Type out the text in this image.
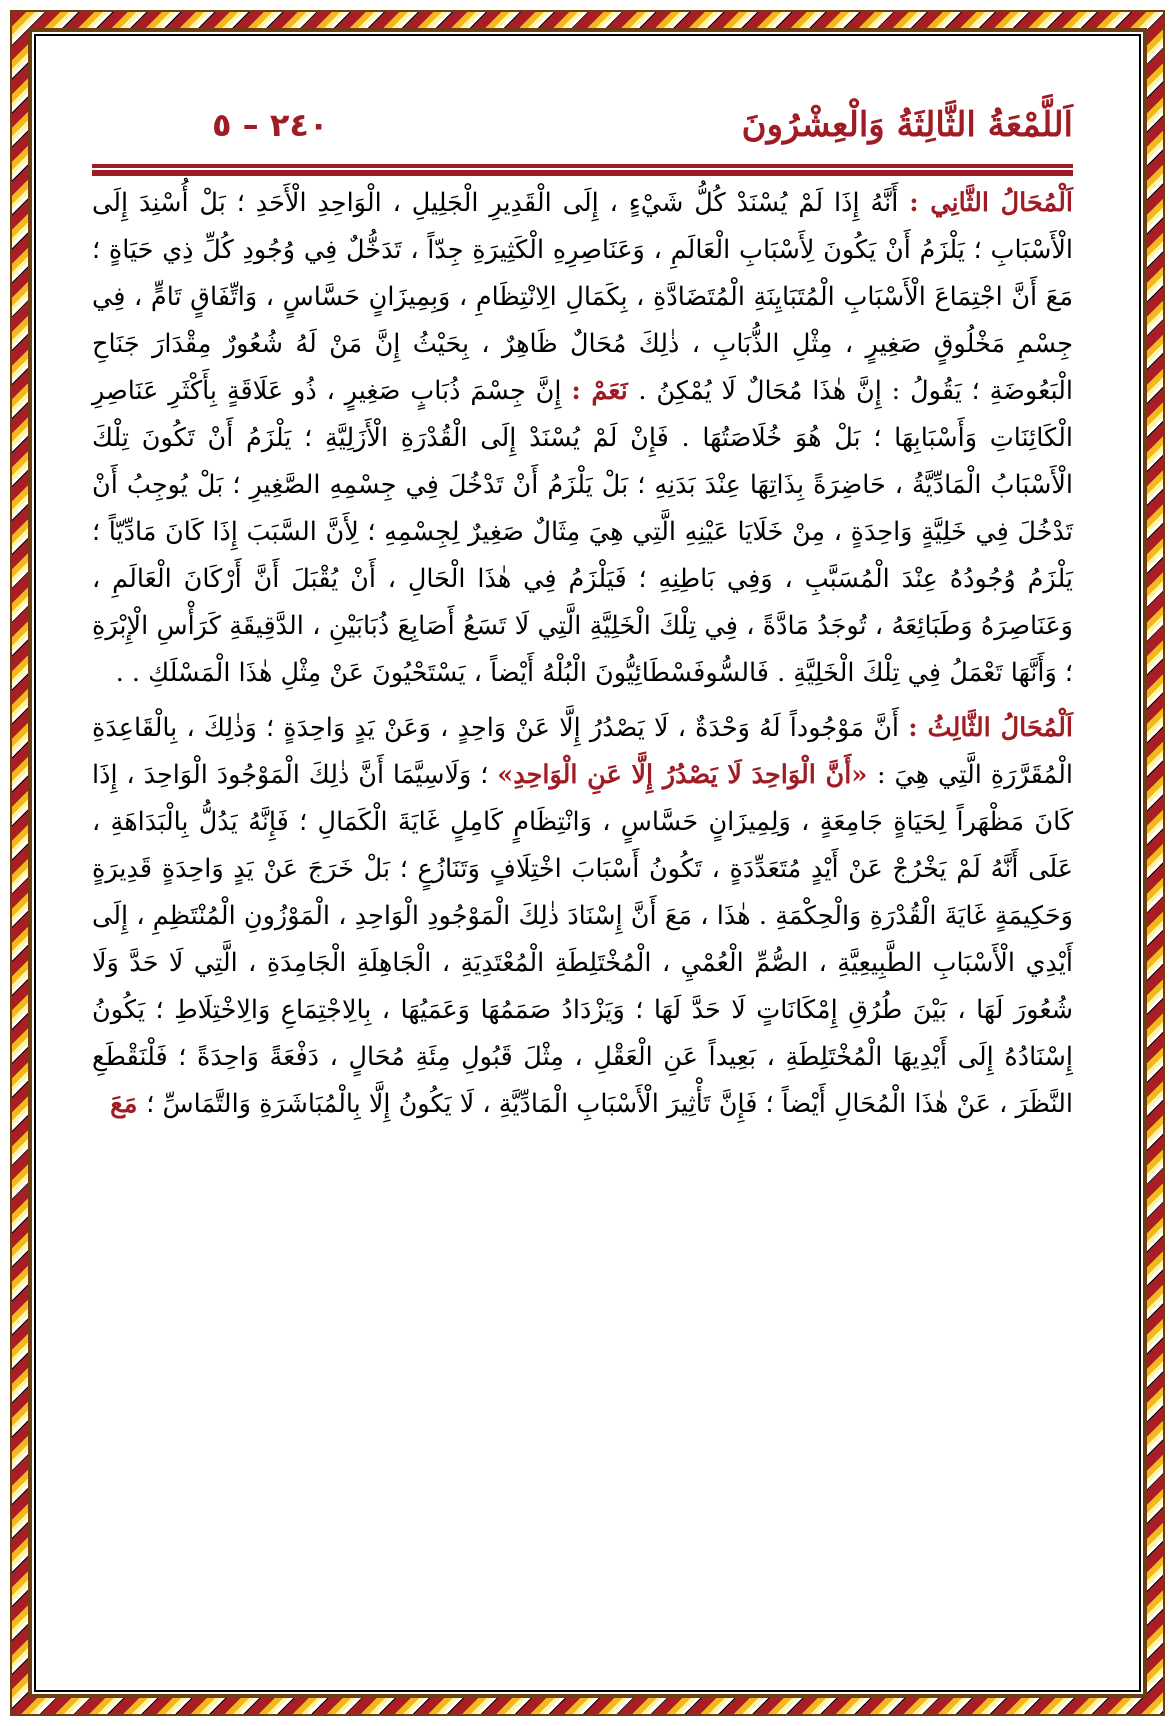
اَللَّمْعَةُ الثَّالِثَةُ وَالْعِشْرُونَ
٢٤٠ – ٥

اَلْمُحَالُ الثَّانِي : أَنَّهُ إِذَا لَمْ يُسْنَدْ كُلُّ شَيْءٍ ، إِلَى الْقَدِيرِ الْجَلِيلِ ، الْوَاحِدِ الْأَحَدِ ؛ بَلْ أُسْنِدَ إِلَى الْأَسْبَابِ ؛ يَلْزَمُ أَنْ يَكُونَ لِأَسْبَابِ الْعَالَمِ ، وَعَنَاصِرِهِ الْكَثِيرَةِ جِدّاً ، تَدَخُّلٌ فِي وُجُودِ كُلِّ ذِي حَيَاةٍ ؛ مَعَ أَنَّ اجْتِمَاعَ الْأَسْبَابِ الْمُتَبَايِنَةِ الْمُتَضَادَّةِ ، بِكَمَالِ الِانْتِظَامِ ، وَبِمِيزَانٍ حَسَّاسٍ ، وَاتِّفَاقٍ تَامٍّ ، فِي جِسْمِ مَخْلُوقٍ صَغِيرٍ ، مِثْلِ الذُّبَابِ ، ذٰلِكَ مُحَالٌ ظَاهِرٌ ، بِحَيْثُ إِنَّ مَنْ لَهُ شُعُورٌ مِقْدَارَ جَنَاحِ الْبَعُوضَةِ ؛ يَقُولُ : إِنَّ هٰذَا مُحَالٌ لَا يُمْكِنُ . نَعَمْ : إِنَّ جِسْمَ ذُبَابٍ صَغِيرٍ ، ذُو عَلَاقَةٍ بِأَكْثَرِ عَنَاصِرِ الْكَائِنَاتِ وَأَسْبَابِهَا ؛ بَلْ هُوَ خُلَاصَتُهَا . فَإِنْ لَمْ يُسْنَدْ إِلَى الْقُدْرَةِ الْأَزَلِيَّةِ ؛ يَلْزَمُ أَنْ تَكُونَ تِلْكَ الْأَسْبَابُ الْمَادِّيَّةُ ، حَاضِرَةً بِذَاتِهَا عِنْدَ بَدَنِهِ ؛ بَلْ يَلْزَمُ أَنْ تَدْخُلَ فِي جِسْمِهِ الصَّغِيرِ ؛ بَلْ يُوجِبُ أَنْ تَدْخُلَ فِي خَلِيَّةٍ وَاحِدَةٍ ، مِنْ خَلَايَا عَيْنِهِ الَّتِي هِيَ مِثَالٌ صَغِيرٌ لِجِسْمِهِ ؛ لِأَنَّ السَّبَبَ إِذَا كَانَ مَادِّيّاً ؛ يَلْزَمُ وُجُودُهُ عِنْدَ الْمُسَبَّبِ ، وَفِي بَاطِنِهِ ؛ فَيَلْزَمُ فِي هٰذَا الْحَالِ ، أَنْ يُقْبَلَ أَنَّ أَرْكَانَ الْعَالَمِ ، وَعَنَاصِرَهُ وَطَبَائِعَهُ ، تُوجَدُ مَادَّةً ، فِي تِلْكَ الْخَلِيَّةِ الَّتِي لَا تَسَعُ أَصَابِعَ ذُبَابَيْنِ ، الدَّقِيقَةِ كَرَأْسِ الْإِبْرَةِ ؛ وَأَنَّهَا تَعْمَلُ فِي تِلْكَ الْخَلِيَّةِ . فَالسُّوفَسْطَائِيُّونَ الْبُلْهُ أَيْضاً ، يَسْتَحْيُونَ عَنْ مِثْلِ هٰذَا الْمَسْلَكِ . .

اَلْمُحَالُ الثَّالِثُ : أَنَّ مَوْجُوداً لَهُ وَحْدَةٌ ، لَا يَصْدُرُ إِلَّا عَنْ وَاحِدٍ ، وَعَنْ يَدٍ وَاحِدَةٍ ؛ وَذٰلِكَ ، بِالْقَاعِدَةِ الْمُقَرَّرَةِ الَّتِي هِيَ : «أَنَّ الْوَاحِدَ لَا يَصْدُرُ إِلَّا عَنِ الْوَاحِدِ» ؛ وَلَاسِيَّمَا أَنَّ ذٰلِكَ الْمَوْجُودَ الْوَاحِدَ ، إِذَا كَانَ مَظْهَراً لِحَيَاةٍ جَامِعَةٍ ، وَلِمِيزَانٍ حَسَّاسٍ ، وَانْتِظَامٍ كَامِلٍ غَايَةَ الْكَمَالِ ؛ فَإِنَّهُ يَدُلُّ بِالْبَدَاهَةِ ، عَلَى أَنَّهُ لَمْ يَخْرُجْ عَنْ أَيْدٍ مُتَعَدِّدَةٍ ، تَكُونُ أَسْبَابَ اخْتِلَافٍ وَتَنَازُعٍ ؛ بَلْ خَرَجَ عَنْ يَدٍ وَاحِدَةٍ قَدِيرَةٍ وَحَكِيمَةٍ غَايَةَ الْقُدْرَةِ وَالْحِكْمَةِ . هٰذَا ، مَعَ أَنَّ إِسْنَادَ ذٰلِكَ الْمَوْجُودِ الْوَاحِدِ ، الْمَوْزُونِ الْمُنْتَظِمِ ، إِلَى أَيْدِي الْأَسْبَابِ الطَّبِيعِيَّةِ ، الصُّمِّ الْعُمْيِ ، الْمُخْتَلِطَةِ الْمُعْتَدِيَةِ ، الْجَاهِلَةِ الْجَامِدَةِ ، الَّتِي لَا حَدَّ وَلَا شُعُورَ لَهَا ، بَيْنَ طُرُقِ إِمْكَانَاتٍ لَا حَدَّ لَهَا ؛ وَيَزْدَادُ صَمَمُهَا وَعَمَيُهَا ، بِالِاجْتِمَاعِ وَالِاخْتِلَاطِ ؛ يَكُونُ إِسْنَادُهُ إِلَى أَيْدِيهَا الْمُخْتَلِطَةِ ، بَعِيداً عَنِ الْعَقْلِ ، مِثْلَ قَبُولِ مِئَةِ مُحَالٍ ، دَفْعَةً وَاحِدَةً ؛ فَلْنَقْطَعِ النَّظَرَ ، عَنْ هٰذَا الْمُحَالِ أَيْضاً ؛ فَإِنَّ تَأْثِيرَ الْأَسْبَابِ الْمَادِّيَّةِ ، لَا يَكُونُ إِلَّا بِالْمُبَاشَرَةِ وَالتَّمَاسِّ ؛ مَعَ
